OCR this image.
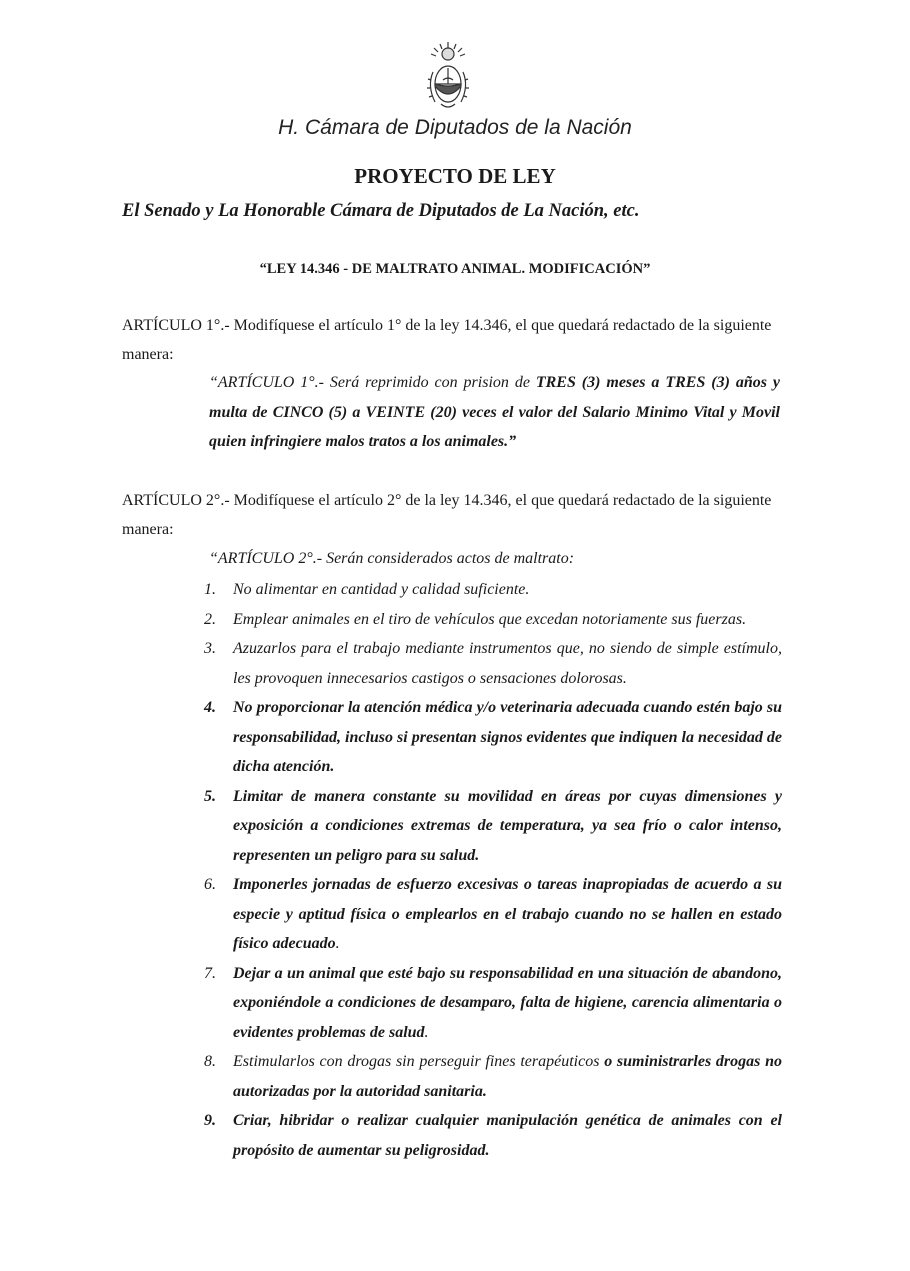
H. Cámara de Diputados de la Nación
PROYECTO DE LEY
El Senado y La Honorable Cámara de Diputados de La Nación, etc.
“LEY 14.346 - DE MALTRATO ANIMAL. MODIFICACIÓN”
ARTÍCULO 1°.- Modifíquese el artículo 1° de la ley 14.346, el que quedará redactado de la siguiente manera:
“ARTÍCULO 1°.- Será reprimido con prision de TRES (3) meses a TRES (3) años y multa de CINCO (5) a VEINTE (20) veces el valor del Salario Minimo Vital y Movil quien infringiere malos tratos a los animales.”
ARTÍCULO 2°.- Modifíquese el artículo 2° de la ley 14.346, el que quedará redactado de la siguiente manera:
“ARTÍCULO 2°.- Serán considerados actos de maltrato:
1. No alimentar en cantidad y calidad suficiente.
2. Emplear animales en el tiro de vehículos que excedan notoriamente sus fuerzas.
3. Azuzarlos para el trabajo mediante instrumentos que, no siendo de simple estímulo, les provoquen innecesarios castigos o sensaciones dolorosas.
4. No proporcionar la atención médica y/o veterinaria adecuada cuando estén bajo su responsabilidad, incluso si presentan signos evidentes que indiquen la necesidad de dicha atención.
5. Limitar de manera constante su movilidad en áreas por cuyas dimensiones y exposición a condiciones extremas de temperatura, ya sea frío o calor intenso, representen un peligro para su salud.
6. Imponerles jornadas de esfuerzo excesivas o tareas inapropiadas de acuerdo a su especie y aptitud física o emplearlos en el trabajo cuando no se hallen en estado físico adecuado.
7. Dejar a un animal que esté bajo su responsabilidad en una situación de abandono, exponiéndole a condiciones de desamparo, falta de higiene, carencia alimentaria o evidentes problemas de salud.
8. Estimularlos con drogas sin perseguir fines terapéuticos o suministrarles drogas no autorizadas por la autoridad sanitaria.
9. Criar, hibridar o realizar cualquier manipulación genética de animales con el propósito de aumentar su peligrosidad.
